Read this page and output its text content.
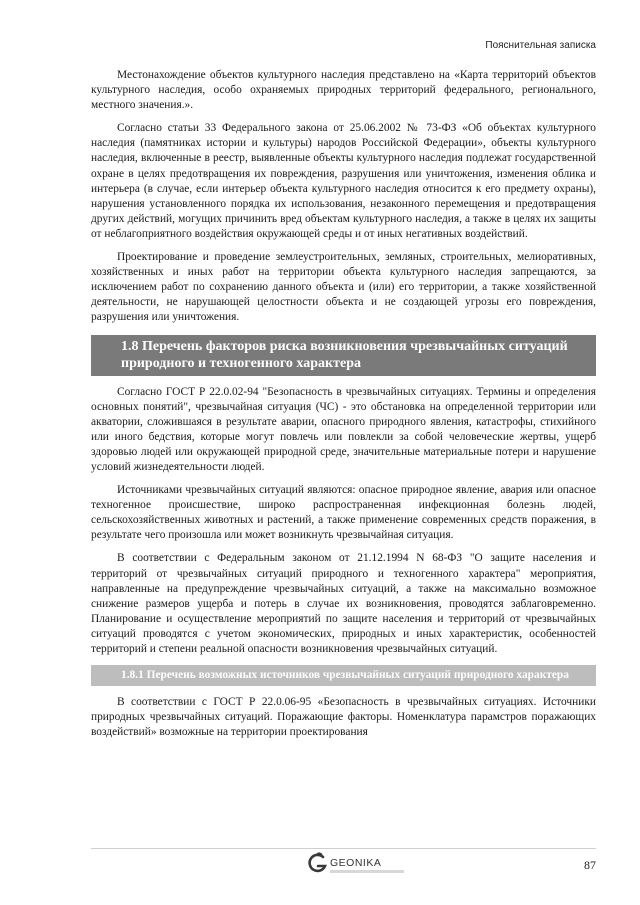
Пояснительная записка

Местонахождение объектов культурного наследия представлено на «Карта территорий объектов культурного наследия, особо охраняемых природных территорий федерального, регионального, местного значения.».

Согласно статьи 33 Федерального закона от 25.06.2002 № 73-ФЗ «Об объектах культурного наследия (памятниках истории и культуры) народов Российской Федерации», объекты культурного наследия, включенные в реестр, выявленные объекты культурного наследия подлежат государственной охране в целях предотвращения их повреждения, разрушения или уничтожения, изменения облика и интерьера (в случае, если интерьер объекта культурного наследия относится к его предмету охраны), нарушения установленного порядка их использования, незаконного перемещения и предотвращения других действий, могущих причинить вред объектам культурного наследия, а также в целях их защиты от неблагоприятного воздействия окружающей среды и от иных негативных воздействий.

Проектирование и проведение землеустроительных, земляных, строительных, мелиоративных, хозяйственных и иных работ на территории объекта культурного наследия запрещаются, за исключением работ по сохранению данного объекта и (или) его территории, а также хозяйственной деятельности, не нарушающей целостности объекта и не создающей угрозы его повреждения, разрушения или уничтожения.

1.8 Перечень факторов риска возникновения чрезвычайных ситуаций природного и техногенного характера

Согласно ГОСТ Р 22.0.02-94 "Безопасность в чрезвычайных ситуациях. Термины и определения основных понятий", чрезвычайная ситуация (ЧС) - это обстановка на определенной территории или акватории, сложившаяся в результате аварии, опасного природного явления, катастрофы, стихийного или иного бедствия, которые могут повлечь или повлекли за собой человеческие жертвы, ущерб здоровью людей или окружающей природной среде, значительные материальные потери и нарушение условий жизнедеятельности людей.

Источниками чрезвычайных ситуаций являются: опасное природное явление, авария или опасное техногенное происшествие, широко распространенная инфекционная болезнь людей, сельскохозяйственных животных и растений, а также применение современных средств поражения, в результате чего произошла или может возникнуть чрезвычайная ситуация.

В соответствии с Федеральным законом от 21.12.1994 N 68-ФЗ "О защите населения и территорий от чрезвычайных ситуаций природного и техногенного характера" мероприятия, направленные на предупреждение чрезвычайных ситуаций, а также на максимально возможное снижение размеров ущерба и потерь в случае их возникновения, проводятся заблаговременно. Планирование и осуществление мероприятий по защите населения и территорий от чрезвычайных ситуаций проводятся с учетом экономических, природных и иных характеристик, особенностей территорий и степени реальной опасности возникновения чрезвычайных ситуаций.

1.8.1 Перечень возможных источников чрезвычайных ситуаций природного характера

В соответствии с ГОСТ Р 22.0.06-95 «Безопасность в чрезвычайных ситуациях. Источники природных чрезвычайных ситуаций. Поражающие факторы. Номенклатура парамстров поражающих воздействий» возможные на территории проектирования

GEONIKA	87
